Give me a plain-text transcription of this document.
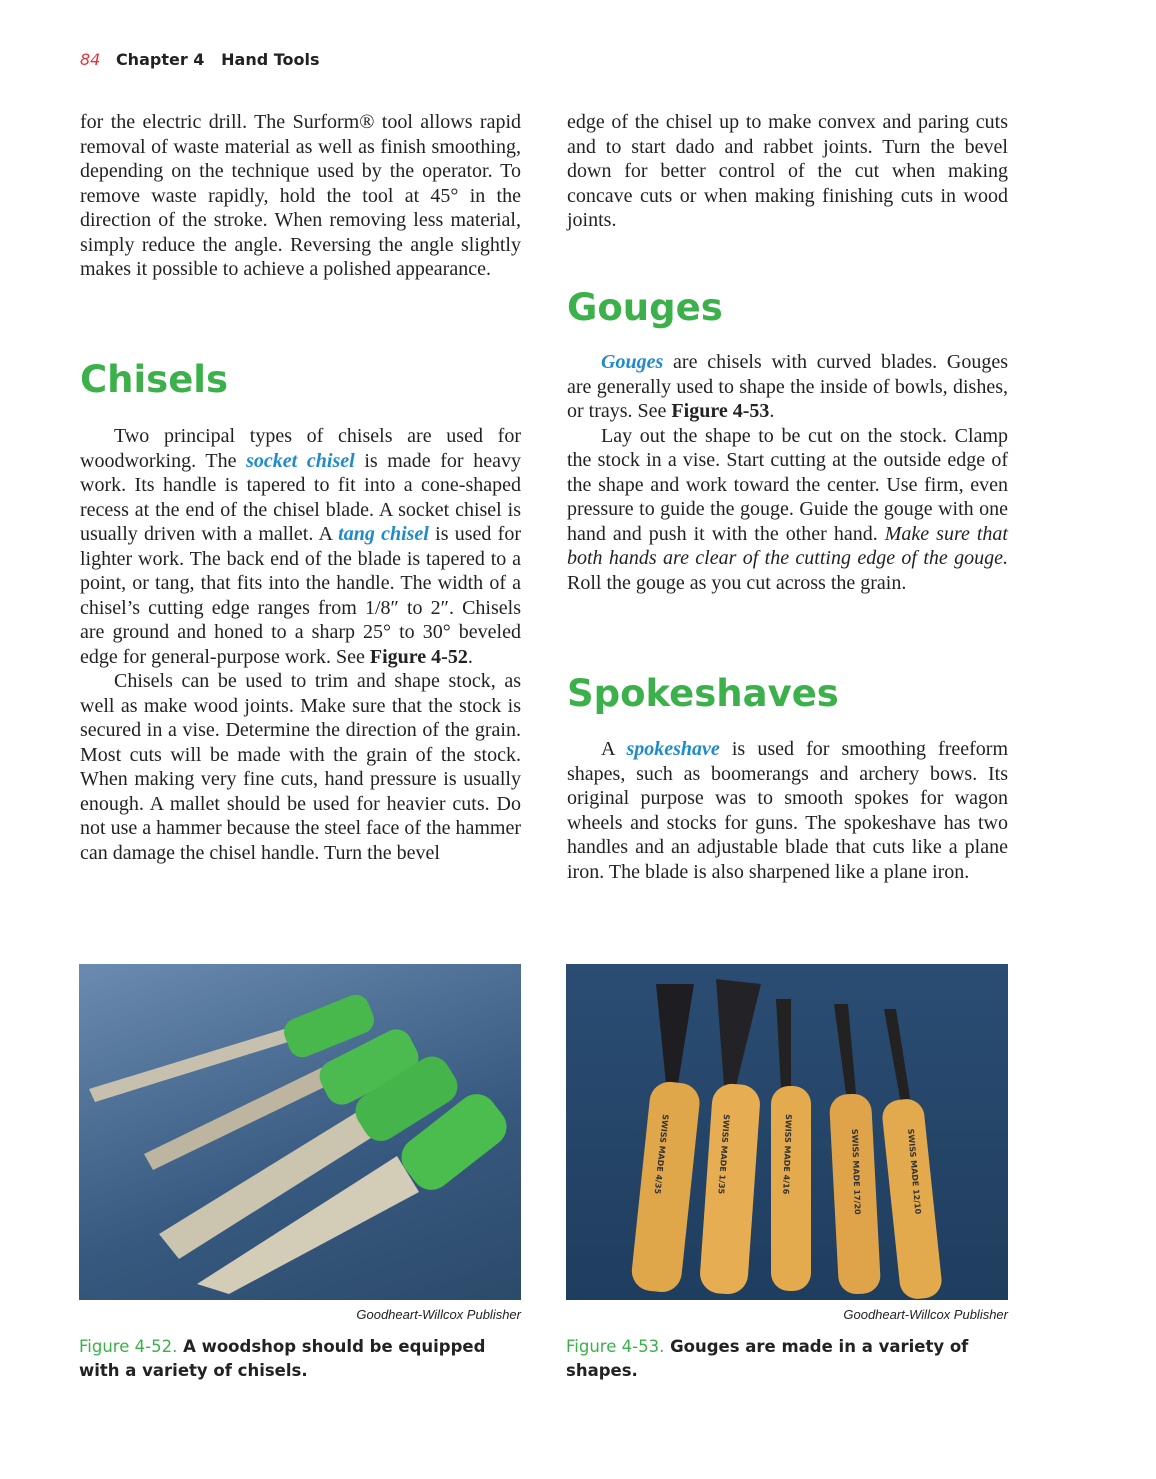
84 Chapter 4 Hand Tools

for the electric drill. The Surform® tool allows rapid removal of waste material as well as finish smoothing, depending on the technique used by the operator. To remove waste rapidly, hold the tool at 45° in the direction of the stroke. When removing less material, simply reduce the angle. Reversing the angle slightly makes it possible to achieve a polished appearance.

Chisels

Two principal types of chisels are used for woodworking. The socket chisel is made for heavy work. Its handle is tapered to fit into a cone-shaped recess at the end of the chisel blade. A socket chisel is usually driven with a mallet. A tang chisel is used for lighter work. The back end of the blade is tapered to a point, or tang, that fits into the handle. The width of a chisel’s cutting edge ranges from 1/8″ to 2″. Chisels are ground and honed to a sharp 25° to 30° beveled edge for general-purpose work. See Figure 4-52.

Chisels can be used to trim and shape stock, as well as make wood joints. Make sure that the stock is secured in a vise. Determine the direction of the grain. Most cuts will be made with the grain of the stock. When making very fine cuts, hand pressure is usually enough. A mallet should be used for heavier cuts. Do not use a hammer because the steel face of the hammer can damage the chisel handle. Turn the bevel

edge of the chisel up to make convex and paring cuts and to start dado and rabbet joints. Turn the bevel down for better control of the cut when making concave cuts or when making finishing cuts in wood joints.

Gouges

Gouges are chisels with curved blades. Gouges are generally used to shape the inside of bowls, dishes, or trays. See Figure 4-53.

Lay out the shape to be cut on the stock. Clamp the stock in a vise. Start cutting at the outside edge of the shape and work toward the center. Use firm, even pressure to guide the gouge. Guide the gouge with one hand and push it with the other hand. Make sure that both hands are clear of the cutting edge of the gouge. Roll the gouge as you cut across the grain.

Spokeshaves

A spokeshave is used for smoothing freeform shapes, such as boomerangs and archery bows. Its original purpose was to smooth spokes for wagon wheels and stocks for guns. The spokeshave has two handles and an adjustable blade that cuts like a plane iron. The blade is also sharpened like a plane iron.

Goodheart-Willcox Publisher
Figure 4-52. A woodshop should be equipped with a variety of chisels.
SWISS MADE 4/35	SWISS MADE 1/35	SWISS MADE 4/16	SWISS MADE 17/20	SWISS MADE 12/10
Goodheart-Willcox Publisher
Figure 4-53. Gouges are made in a variety of shapes.
